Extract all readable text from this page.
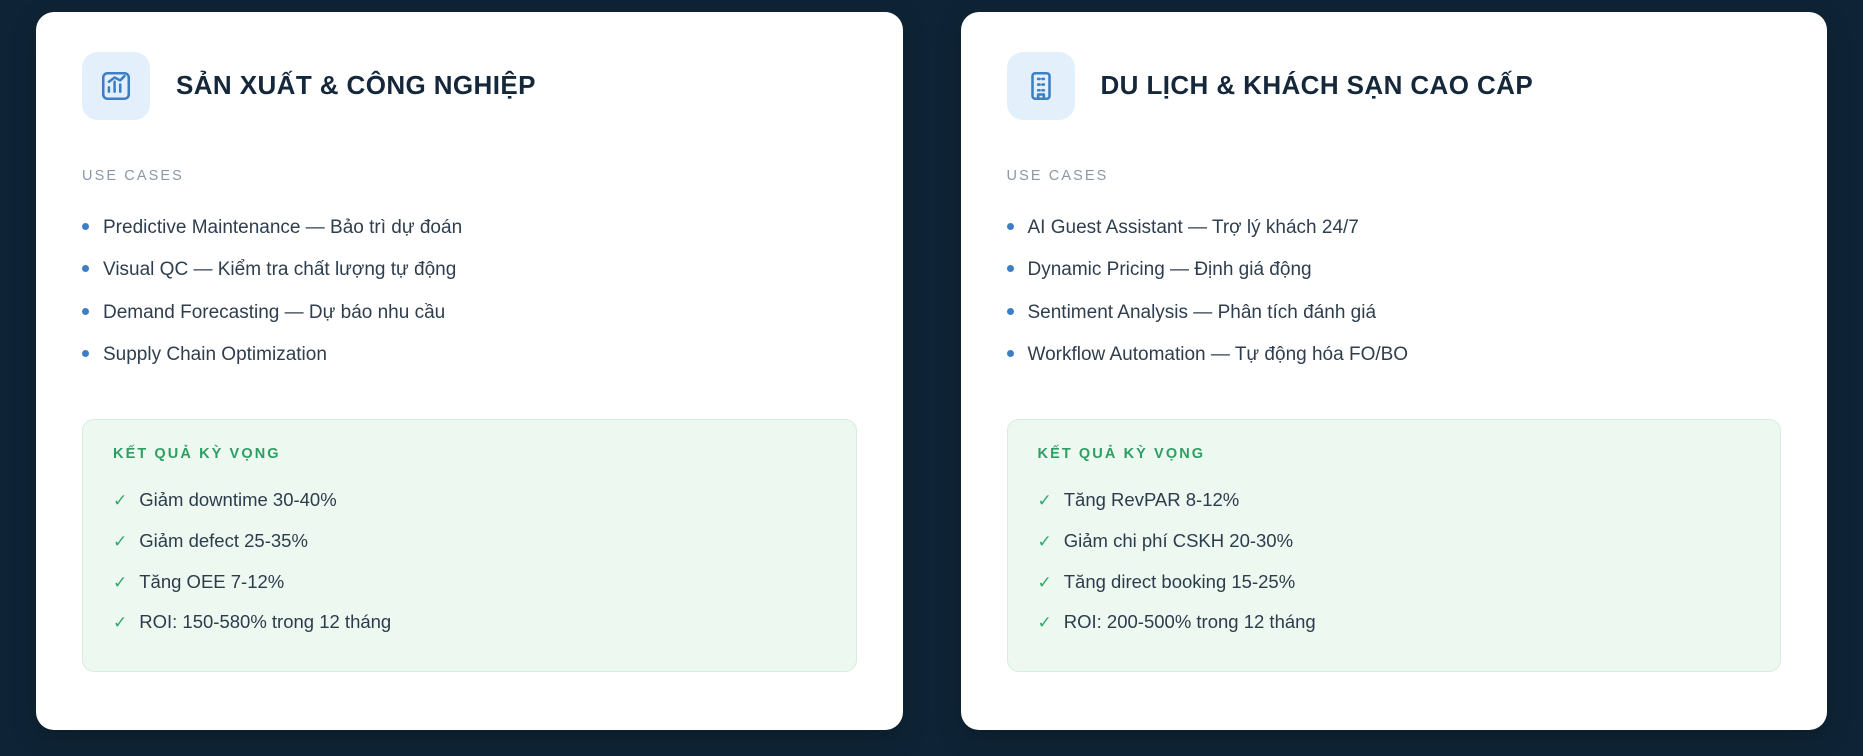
SẢN XUẤT & CÔNG NGHIỆP
USE CASES
Predictive Maintenance — Bảo trì dự đoán
Visual QC — Kiểm tra chất lượng tự động
Demand Forecasting — Dự báo nhu cầu
Supply Chain Optimization
KẾT QUẢ KỲ VỌNG
✓ Giảm downtime 30-40%
✓ Giảm defect 25-35%
✓ Tăng OEE 7-12%
✓ ROI: 150-580% trong 12 tháng
DU LỊCH & KHÁCH SẠN CAO CẤP
USE CASES
AI Guest Assistant — Trợ lý khách 24/7
Dynamic Pricing — Định giá động
Sentiment Analysis — Phân tích đánh giá
Workflow Automation — Tự động hóa FO/BO
KẾT QUẢ KỲ VỌNG
✓ Tăng RevPAR 8-12%
✓ Giảm chi phí CSKH 20-30%
✓ Tăng direct booking 15-25%
✓ ROI: 200-500% trong 12 tháng
